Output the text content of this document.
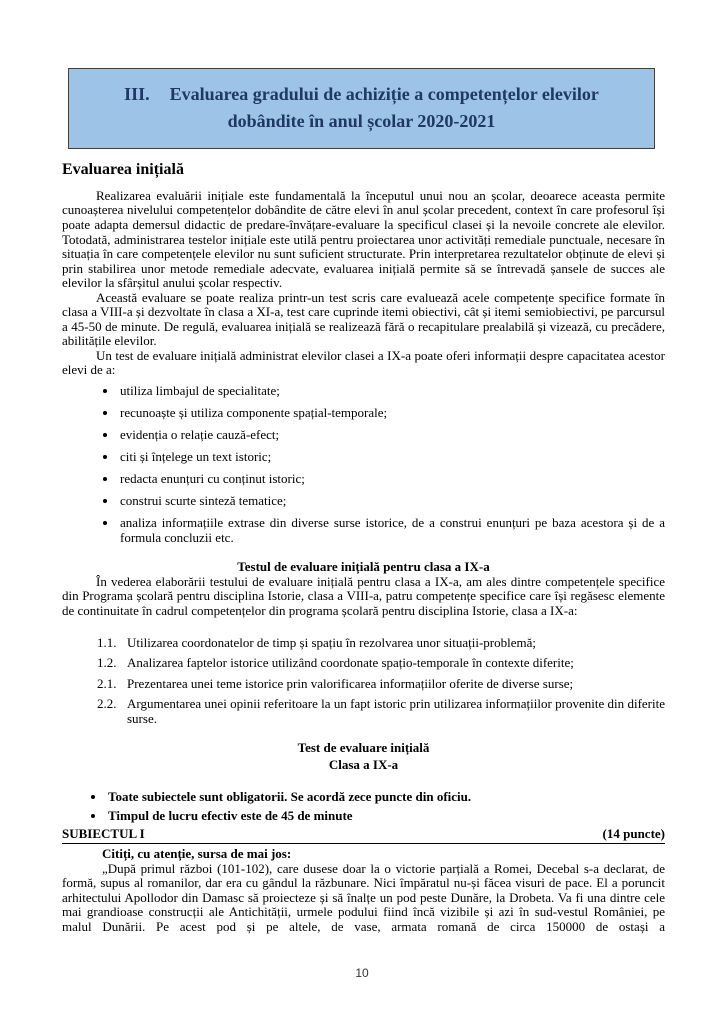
III. Evaluarea gradului de achiziție a competențelor elevilor
dobândite în anul școlar 2020-2021
Evaluarea inițială

Realizarea evaluării inițiale este fundamentală la începutul unui nou an școlar, deoarece aceasta permite cunoașterea nivelului competențelor dobândite de către elevi în anul școlar precedent, context în care profesorul își poate adapta demersul didactic de predare-învățare-evaluare la specificul clasei și la nevoile concrete ale elevilor. Totodată, administrarea testelor inițiale este utilă pentru proiectarea unor activități remediale punctuale, necesare în situația în care competențele elevilor nu sunt suficient structurate. Prin interpretarea rezultatelor obținute de elevi și prin stabilirea unor metode remediale adecvate, evaluarea inițială permite să se întrevadă șansele de succes ale elevilor la sfârșitul anului școlar respectiv.

Această evaluare se poate realiza printr-un test scris care evaluează acele competențe specifice formate în clasa a VIII-a și dezvoltate în clasa a XI-a, test care cuprinde itemi obiectivi, cât și itemi semiobiectivi, pe parcursul a 45-50 de minute. De regulă, evaluarea inițială se realizează fără o recapitulare prealabilă și vizează, cu precădere, abilitățile elevilor.

Un test de evaluare inițială administrat elevilor clasei a IX-a poate oferi informații despre capacitatea acestor elevi de a:

• utiliza limbajul de specialitate;
• recunoaște și utiliza componente spațial-temporale;
• evidenția o relație cauză-efect;
• citi și înțelege un text istoric;
• redacta enunțuri cu conținut istoric;
• construi scurte sinteză tematice;
• analiza informațiile extrase din diverse surse istorice, de a construi enunțuri pe baza acestora și de a formula concluzii etc.
Testul de evaluare inițială pentru clasa a IX-a

În vederea elaborării testului de evaluare inițială pentru clasa a IX-a, am ales dintre competențele specifice din Programa școlară pentru disciplina Istorie, clasa a VIII-a, patru competențe specifice care își regăsesc elemente de continuitate în cadrul competențelor din programa școlară pentru disciplina Istorie, clasa a IX-a:

1.1. Utilizarea coordonatelor de timp și spațiu în rezolvarea unor situații-problemă;
1.2. Analizarea faptelor istorice utilizând coordonate spațio-temporale în contexte diferite;
2.1. Prezentarea unei teme istorice prin valorificarea informațiilor oferite de diverse surse;
2.2. Argumentarea unei opinii referitoare la un fapt istoric prin utilizarea informațiilor provenite din diferite surse.
Test de evaluare inițială
Clasa a IX-a
• Toate subiectele sunt obligatorii. Se acordă zece puncte din oficiu.
• Timpul de lucru efectiv este de 45 de minute
SUBIECTUL I	(14 puncte)

Citiți, cu atenție, sursa de mai jos:

„După primul război (101-102), care dusese doar la o victorie parțială a Romei, Decebal s-a declarat, de formă, supus al romanilor, dar era cu gândul la răzbunare. Nici împăratul nu-și făcea visuri de pace. El a poruncit arhitectului Apollodor din Damasc să proiecteze și să înalțe un pod peste Dunăre, la Drobeta. Va fi una dintre cele mai grandioase construcții ale Antichității, urmele podului fiind încă vizibile și azi în sud-vestul României, pe malul Dunării. Pe acest pod și pe altele, de vase, armata romană de circa 150000 de ostași a

10
